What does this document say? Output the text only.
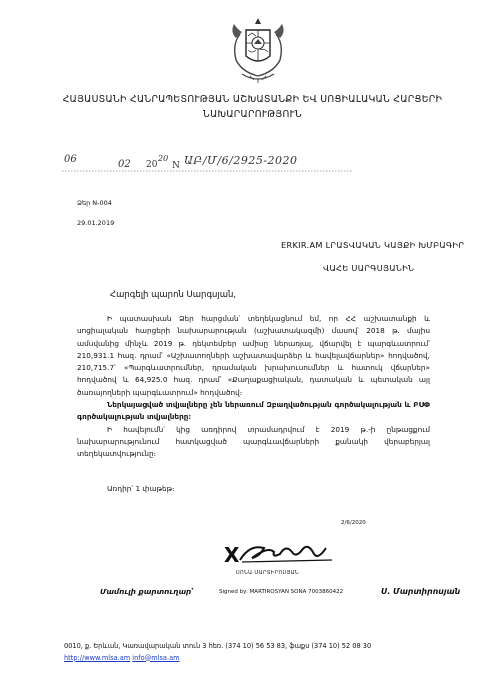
ՀԱՅԱՍՏԱՆԻ ՀԱՆՐԱՊԵՏՈՒԹՅԱՆ ԱՇԽԱՏԱՆՔԻ ԵՎ ՍՈՑԻԱԼԱԿԱՆ ՀԱՐՑԵՐԻ
ՆԱԽԱՐԱՐՈՒԹՅՈՒՆ
06	02 20
20
N ԱԲ/Մ/6/2925-2020
Ձեր N-004
29.01.2019
ERKIR.AM ԼՐԱՏՎԱԿԱՆ ԿԱՅՔԻ ԽՄԲԱԳԻՐ
ՎԱՀԵ ՍԱՐԳՍՅԱՆԻՆ
Հարգելի պարոն Սարգսյան,

Ի պատասխան Ձեր հարցման՝ տեղեկացնում եմ, որ ՀՀ աշխատանքի և սոցիալական հարցերի նախարարության (աշխատակազմի) մասով՝ 2018 թ. մայիս ամսվանից մինչև 2019 թ. դեկտեմբեր ամիսը ներառյալ, վճարվել է պարգևատրում՝ 210,931.1 հազ. դրամ՝ «Աշխատողների աշխատավարձեր և հավելավճարներ» հոդվածով, 210,715.7՝ «Պարգևատրումներ, դրամական խրախուսումներ և հատուկ վճարներ» հոդվածով և 64,925.0 հազ. դրամ՝ «Քաղաքացիական, դատական և պետական այլ ծառայողների պարգևատրում» հոդվածով։

Ներկայացված տվյալները չեն ներառում Զբաղվածության գործակալության և ԲՍՓ գործակալության տվյալները։

Ի հավելումն՝ կից առդիրով տրամադրվում է 2019 թ.-ի ընթացքում նախարարությունում հատկացված պարգևավճարների քանակի վերաբերյալ տեղեկատվությունը։

Առդիր՝ 1 փաթեթ։
2/6/2020
X
ՍՈՆԱ ՄԱՐՏԻՐՈՍՅԱՆ
Մամուլի քարտուղար՝	Signed by: MARTIROSYAN SONA 7003860422	Ս. Մարտիրոսյան
0010, ք. Երևան, Կառավարական տուն 3 հեռ. (374 10) 56 53 83, ֆաքս (374 10) 52 08 30
http://www.mlsa.am info@mlsa.am
